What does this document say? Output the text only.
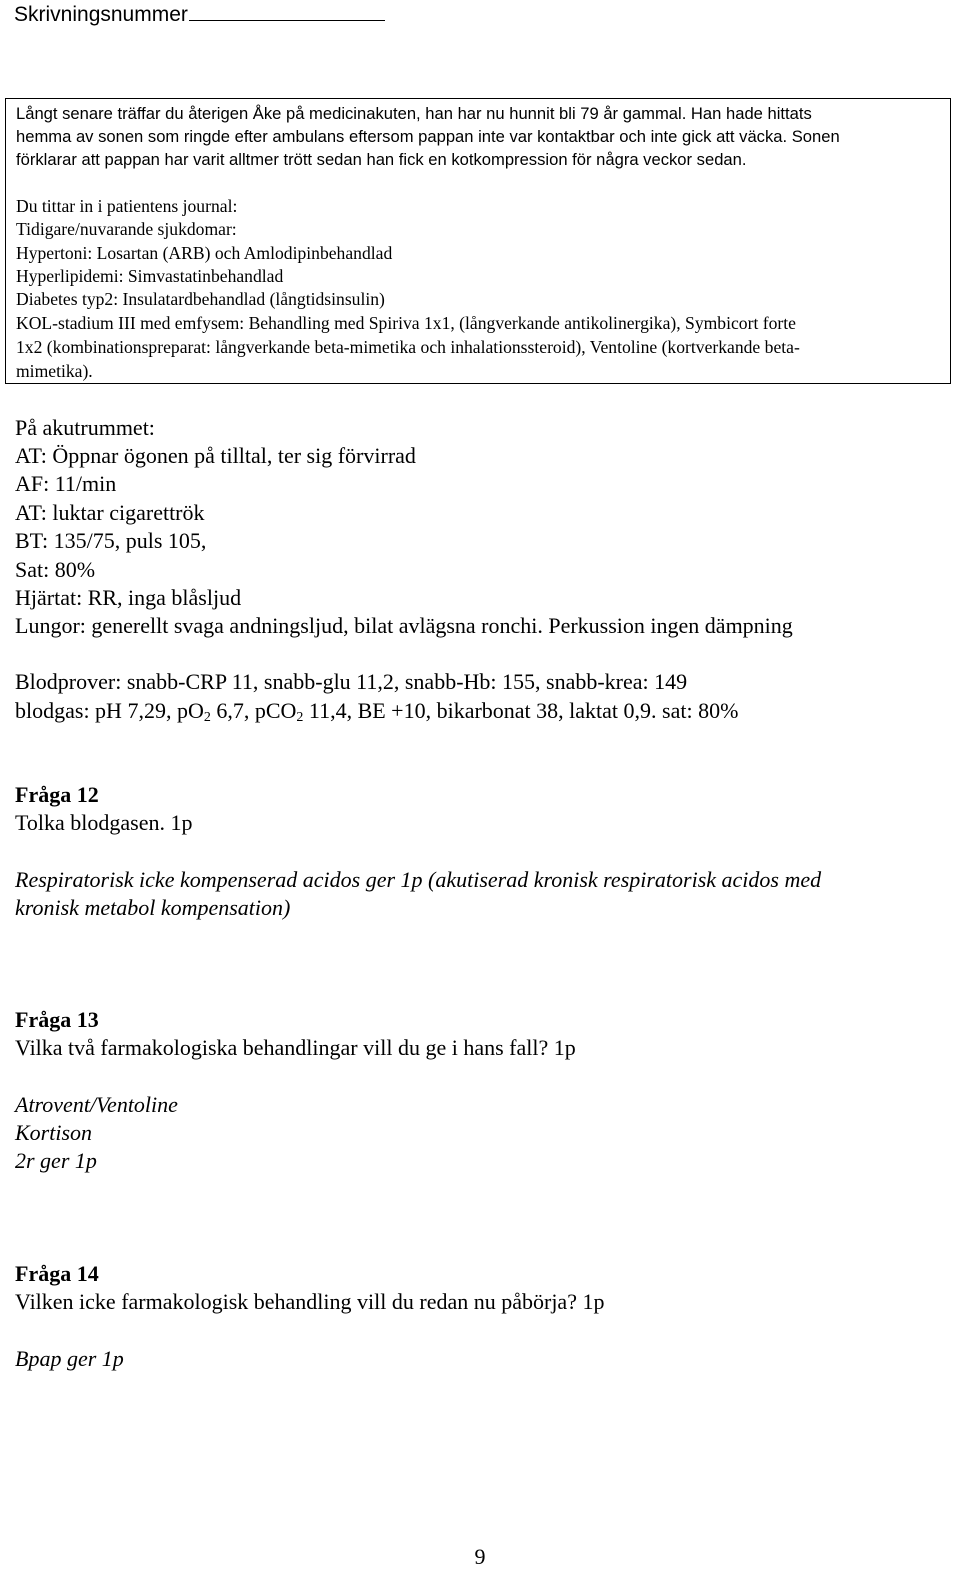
Skrivningsnummer
Långt senare träffar du återigen Åke på medicinakuten, han har nu hunnit bli 79 år gammal. Han hade hittats
hemma av sonen som ringde efter ambulans eftersom pappan inte var kontaktbar och inte gick att väcka. Sonen
förklarar att pappan har varit alltmer trött sedan han fick en kotkompression för några veckor sedan.
Du tittar in i patientens journal:
Tidigare/nuvarande sjukdomar:
Hypertoni: Losartan (ARB) och Amlodipinbehandlad
Hyperlipidemi: Simvastatinbehandlad
Diabetes typ2: Insulatardbehandlad (långtidsinsulin)
KOL-stadium III med emfysem: Behandling med Spiriva 1x1, (långverkande antikolinergika), Symbicort forte
1x2 (kombinationspreparat: långverkande beta-mimetika och inhalationssteroid), Ventoline (kortverkande beta-
mimetika).
På akutrummet:
AT: Öppnar ögonen på tilltal, ter sig förvirrad
AF: 11/min
AT: luktar cigarettrök
BT: 135/75, puls 105,
Sat: 80%
Hjärtat: RR, inga blåsljud
Lungor: generellt svaga andningsljud, bilat avlägsna ronchi. Perkussion ingen dämpning
Blodprover: snabb-CRP 11, snabb-glu 11,2, snabb-Hb: 155, snabb-krea: 149
blodgas: pH 7,29, $pO_2$ 6,7, pCO$_2$ 11,4, BE +10, bikarbonat 38, laktat 0,9. sat: 80%
Fråga 12
Tolka blodgasen. 1p
Respiratorisk icke kompenserad acidos ger 1p (akutiserad kronisk respiratorisk acidos med
kronisk metabol kompensation)
Fråga 13
Vilka två farmakologiska behandlingar vill du ge i hans fall? 1p
Atrovent/Ventoline
Kortison
2r ger 1p
Fråga 14
Vilken icke farmakologisk behandling vill du redan nu påbörja? 1p
Bpap ger 1p
9
